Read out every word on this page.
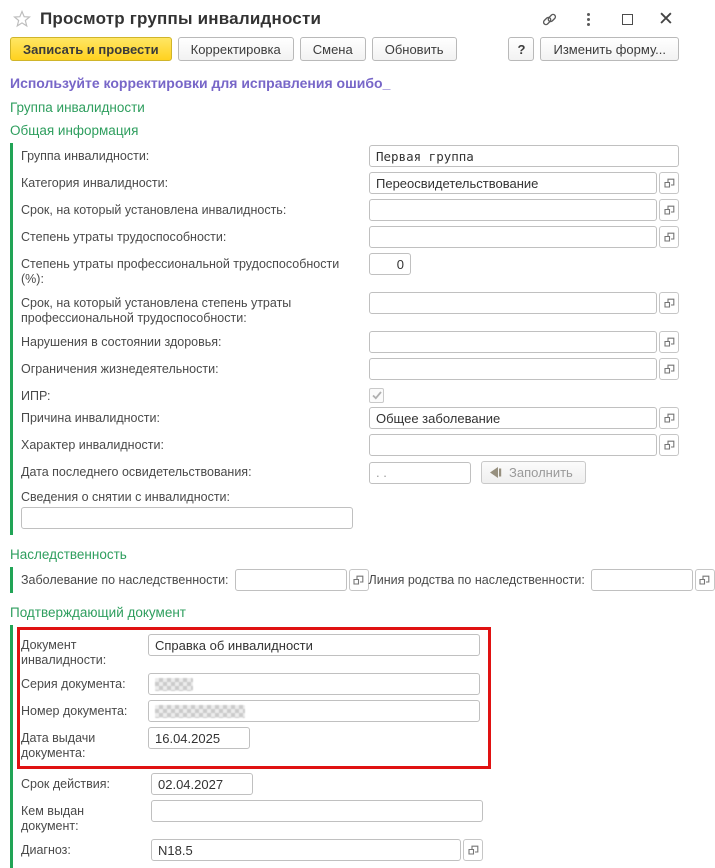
Просмотр группы инвалидности	✕
Записать и провести	Корректировка	Смена	Обновить	?	Изменить форму...
Используйте корректировки для исправления ошибо_
Группа инвалидности
Общая информация
Группа инвалидности:
Первая группа
Категория инвалидности:
Переосвидетельствование
Срок, на который установлена инвалидность:
Степень утраты трудоспособности:
Степень утраты профессиональной трудоспособности (%):
0
Срок, на который установлена степень утраты профессиональной трудоспособности:
Нарушения в состоянии здоровья:
Ограничения жизнедеятельности:
ИПР:
Причина инвалидности:
Общее заболевание
Характер инвалидности:
Дата последнего освидетельствования:
. .	Заполнить
Сведения о снятии с инвалидности:
Наследственность
Заболевание по наследственности:	Линия родства по наследственности:
Подтверждающий документ
Документ инвалидности:
Справка об инвалидности
Серия документа:
Номер документа:
Дата выдачи документа:
16.04.2025
Срок действия:
02.04.2027
Кем выдан документ:
Диагноз:
N18.5
